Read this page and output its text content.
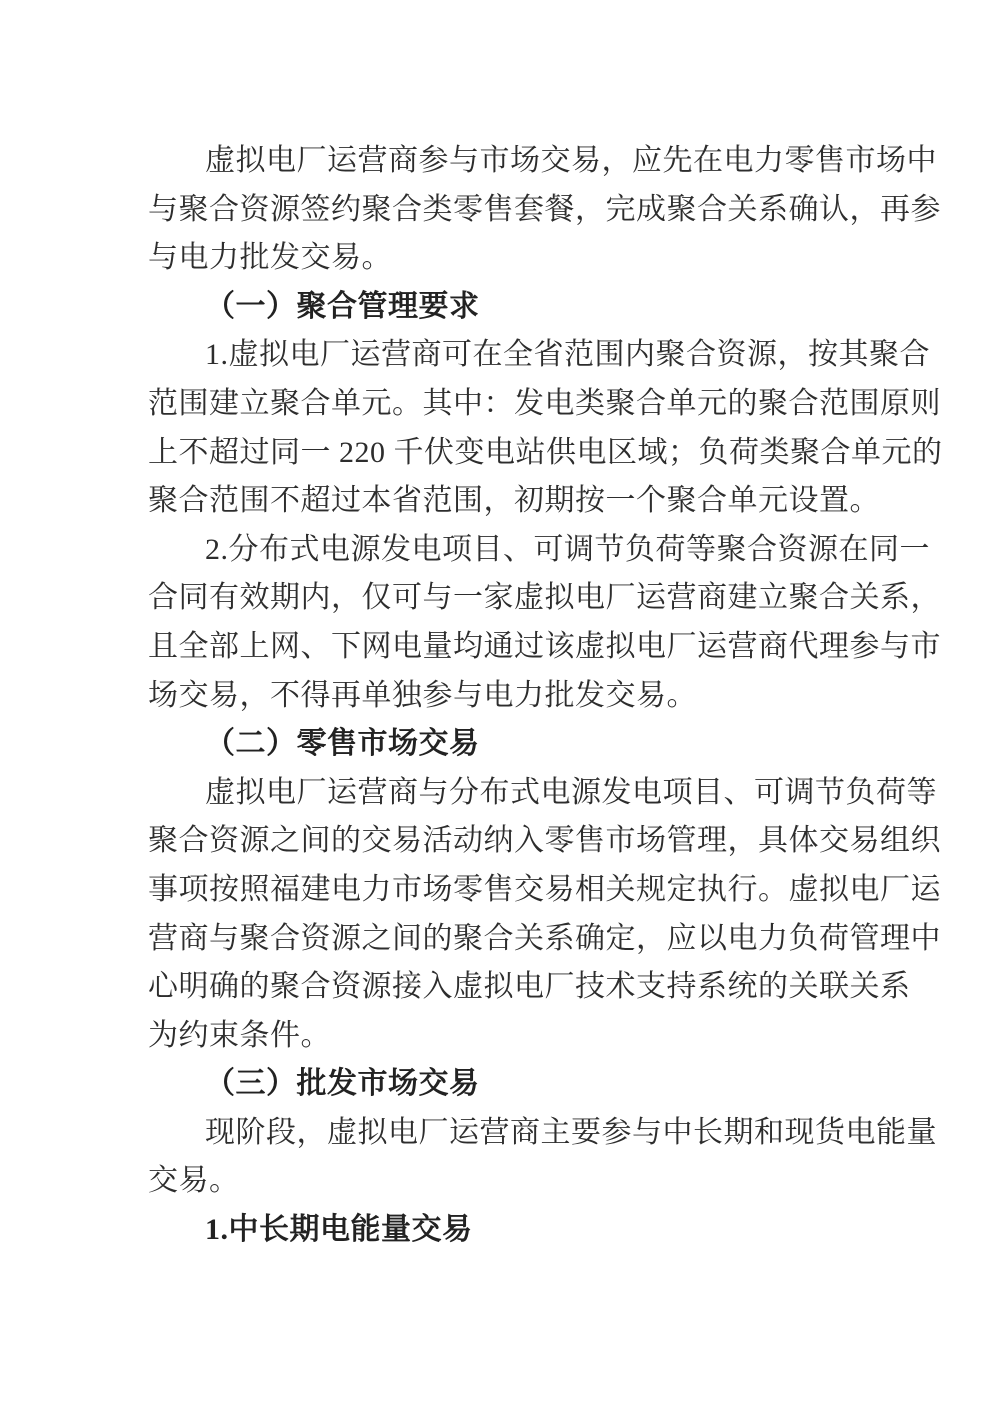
虚拟电厂运营商参与市场交易，应先在电力零售市场中
与聚合资源签约聚合类零售套餐，完成聚合关系确认，再参
与电力批发交易。
（一）聚合管理要求
1.虚拟电厂运营商可在全省范围内聚合资源，按其聚合
范围建立聚合单元。其中：发电类聚合单元的聚合范围原则
上不超过同一 220 千伏变电站供电区域；负荷类聚合单元的
聚合范围不超过本省范围，初期按一个聚合单元设置。
2.分布式电源发电项目、可调节负荷等聚合资源在同一
合同有效期内，仅可与一家虚拟电厂运营商建立聚合关系，
且全部上网、下网电量均通过该虚拟电厂运营商代理参与市
场交易，不得再单独参与电力批发交易。
（二）零售市场交易
虚拟电厂运营商与分布式电源发电项目、可调节负荷等
聚合资源之间的交易活动纳入零售市场管理，具体交易组织
事项按照福建电力市场零售交易相关规定执行。虚拟电厂运
营商与聚合资源之间的聚合关系确定，应以电力负荷管理中
心明确的聚合资源接入虚拟电厂技术支持系统的关联关系
为约束条件。
（三）批发市场交易
现阶段，虚拟电厂运营商主要参与中长期和现货电能量
交易。
1.中长期电能量交易
